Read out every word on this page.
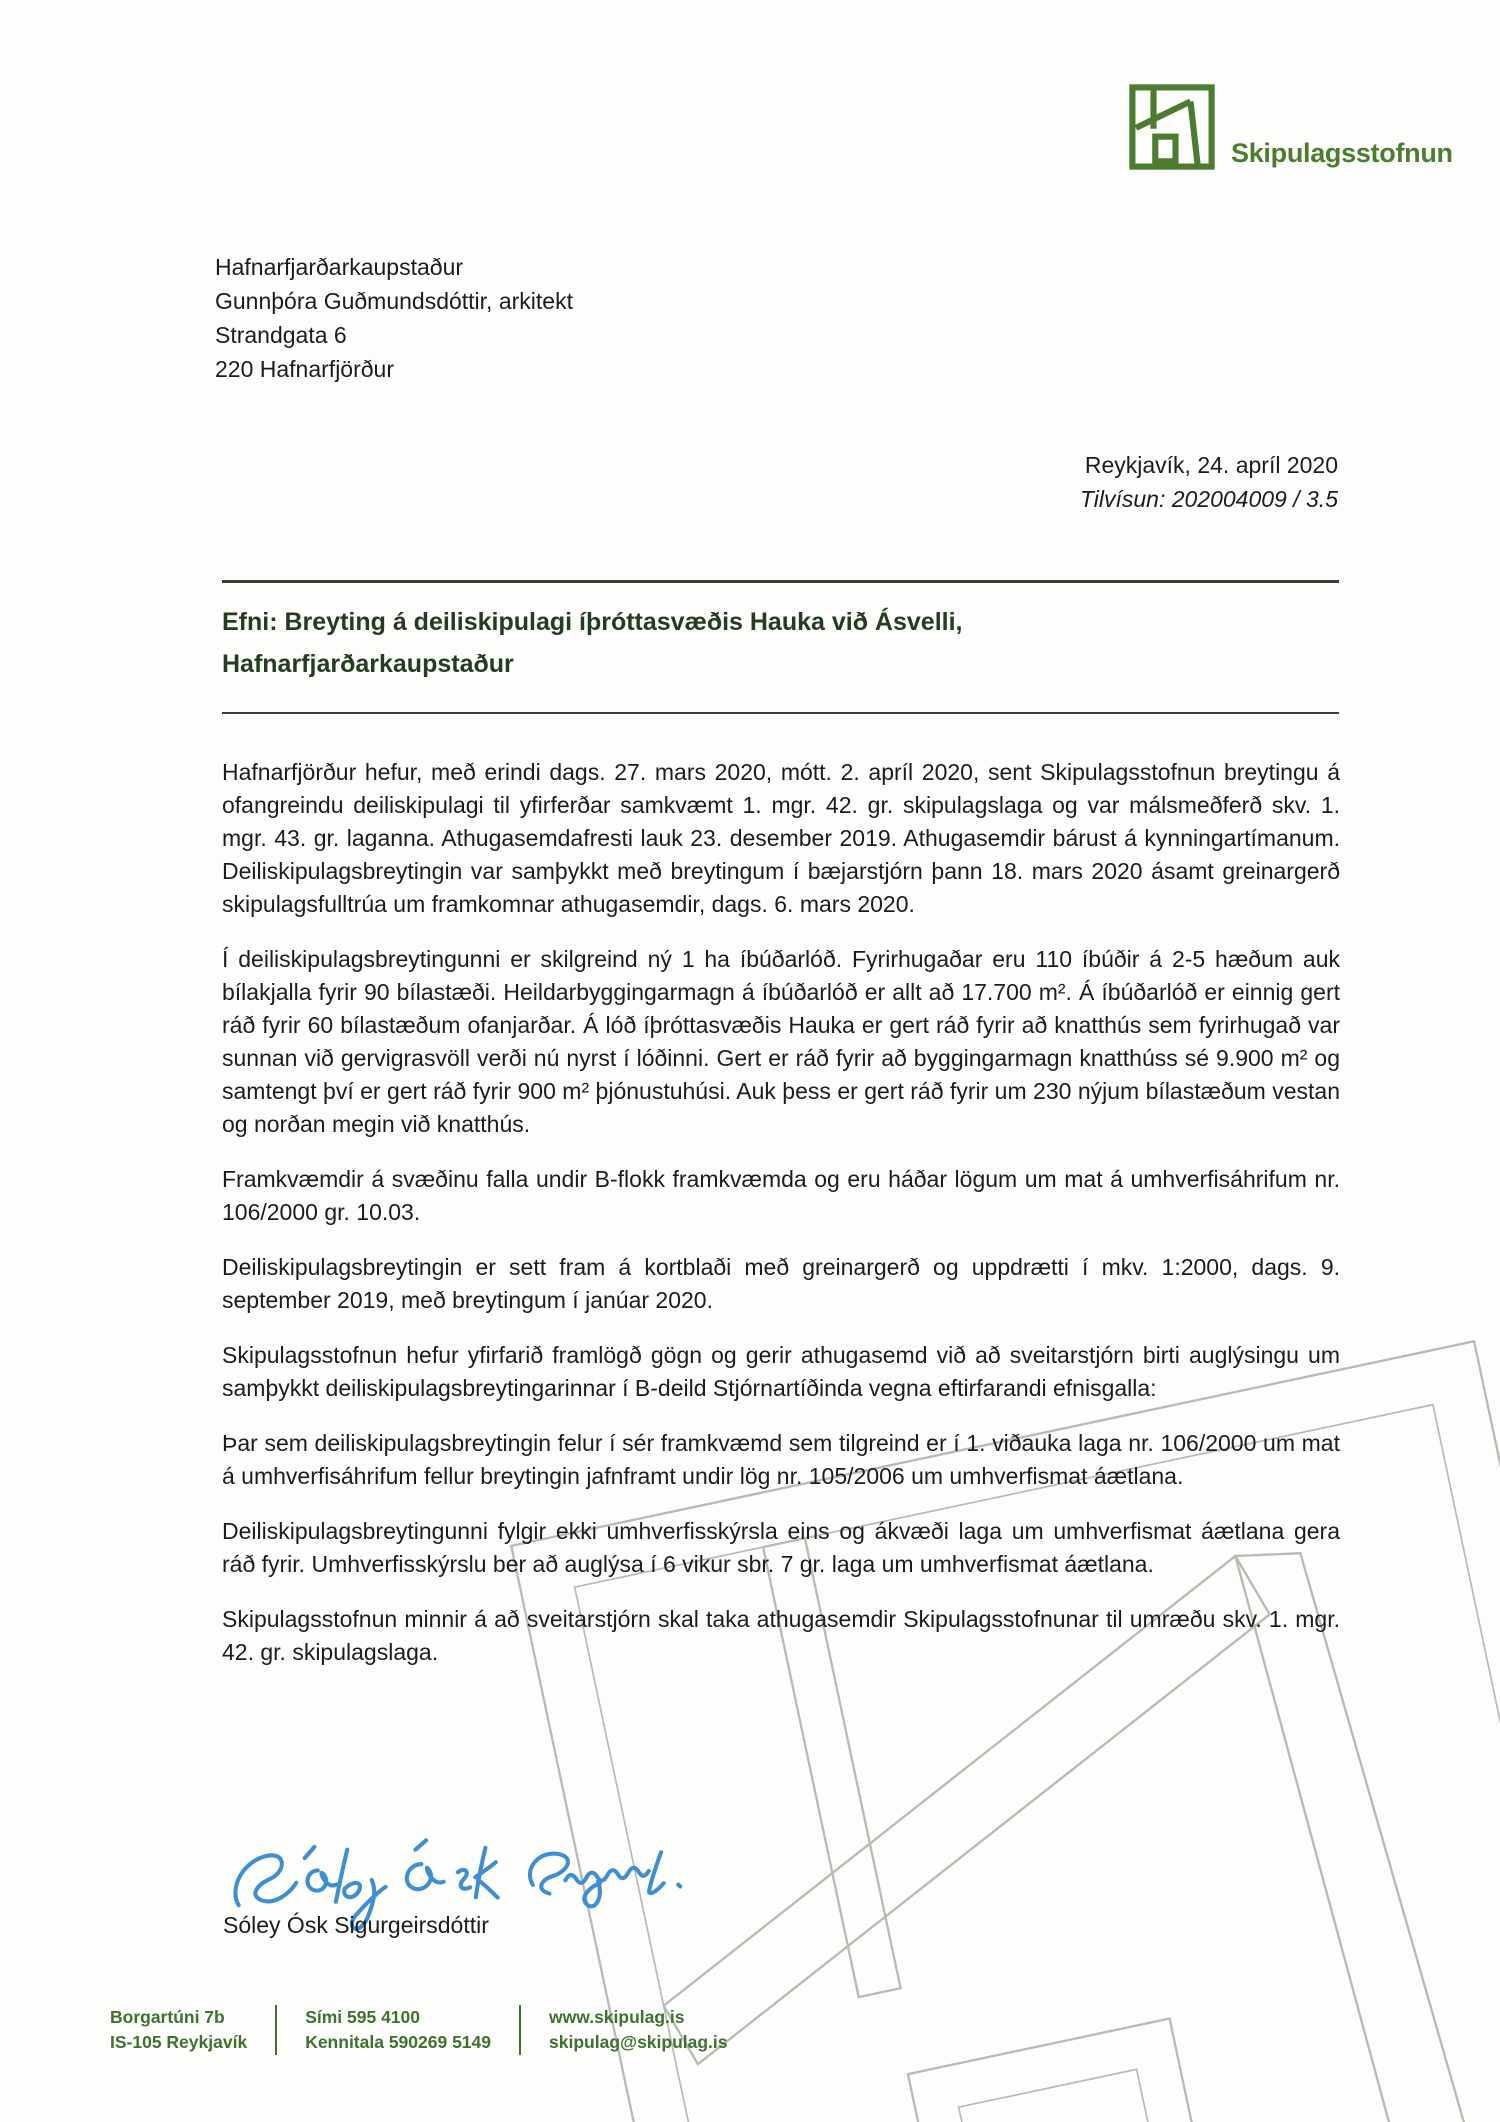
Skipulagsstofnun
Hafnarfjarðarkaupstaður
Gunnþóra Guðmundsdóttir, arkitekt
Strandgata 6
220 Hafnarfjörður
Reykjavík, 24. apríl 2020
Tilvísun: 202004009 / 3.5
Efni: Breyting á deiliskipulagi íþróttasvæðis Hauka við Ásvelli,
Hafnarfjarðarkaupstaður

Hafnarfjörður hefur, með erindi dags. 27. mars 2020, mótt. 2. apríl 2020, sent Skipulagsstofnun breytingu á ofangreindu deiliskipulagi til yfirferðar samkvæmt 1. mgr. 42. gr. skipulagslaga og var málsmeðferð skv. 1. mgr. 43. gr. laganna. Athugasemdafresti lauk 23. desember 2019. Athugasemdir bárust á kynningartímanum. Deiliskipulagsbreytingin var samþykkt með breytingum í bæjarstjórn þann 18. mars 2020 ásamt greinargerð skipulagsfulltrúa um framkomnar athugasemdir, dags. 6. mars 2020.

Í deiliskipulagsbreytingunni er skilgreind ný 1 ha íbúðarlóð. Fyrirhugaðar eru 110 íbúðir á 2-5 hæðum auk bílakjalla fyrir 90 bílastæði. Heildarbyggingarmagn á íbúðarlóð er allt að 17.700 m². Á íbúðarlóð er einnig gert ráð fyrir 60 bílastæðum ofanjarðar. Á lóð íþróttasvæðis Hauka er gert ráð fyrir að knatthús sem fyrirhugað var sunnan við gervigrasvöll verði nú nyrst í lóðinni. Gert er ráð fyrir að byggingarmagn knatthúss sé 9.900 m² og samtengt því er gert ráð fyrir 900 m² þjónustuhúsi. Auk þess er gert ráð fyrir um 230 nýjum bílastæðum vestan og norðan megin við knatthús.

Framkvæmdir á svæðinu falla undir B-flokk framkvæmda og eru háðar lögum um mat á umhverfisáhrifum nr. 106/2000 gr. 10.03.

Deiliskipulagsbreytingin er sett fram á kortblaði með greinargerð og uppdrætti í mkv. 1:2000, dags. 9. september 2019, með breytingum í janúar 2020.

Skipulagsstofnun hefur yfirfarið framlögð gögn og gerir athugasemd við að sveitarstjórn birti auglýsingu um samþykkt deiliskipulagsbreytingarinnar í B-deild Stjórnartíðinda vegna eftirfarandi efnisgalla:

Þar sem deiliskipulagsbreytingin felur í sér framkvæmd sem tilgreind er í 1. viðauka laga nr. 106/2000 um mat á umhverfisáhrifum fellur breytingin jafnframt undir lög nr. 105/2006 um umhverfismat áætlana.

Deiliskipulagsbreytingunni fylgir ekki umhverfisskýrsla eins og ákvæði laga um umhverfismat áætlana gera ráð fyrir. Umhverfisskýrslu ber að auglýsa í 6 vikur sbr. 7 gr. laga um umhverfismat áætlana.

Skipulagsstofnun minnir á að sveitarstjórn skal taka athugasemdir Skipulagsstofnunar til umræðu skv. 1. mgr. 42. gr. skipulagslaga.

Sóley Ósk Sigurgeirsdóttir
Borgartúni 7b
IS-105 Reykjavík
Sími 595 4100
Kennitala 590269 5149
www.skipulag.is
skipulag@skipulag.is
